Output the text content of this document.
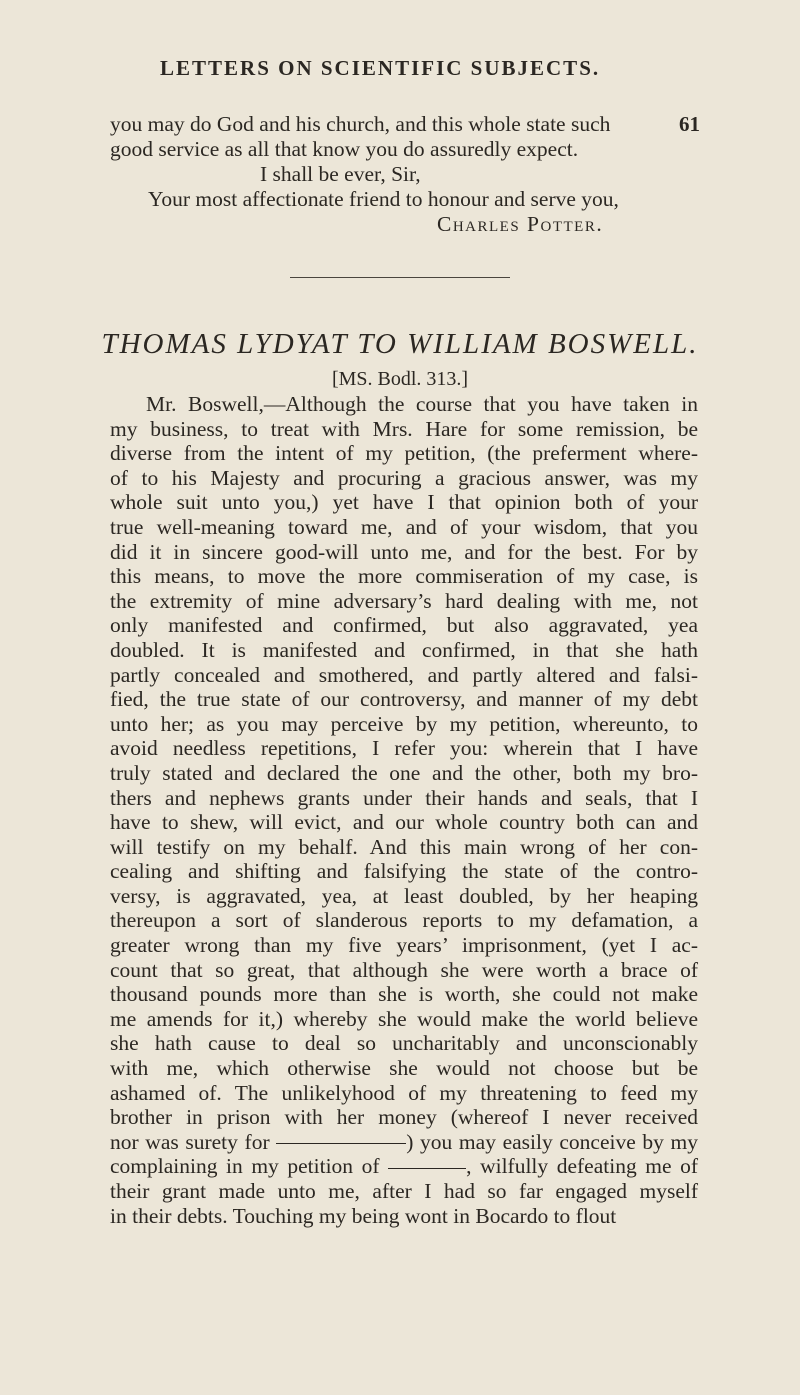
LETTERS ON SCIENTIFIC SUBJECTS.
61
you may do God and his church, and this whole state such
good service as all that know you do assuredly expect.
I shall be ever, Sir,
Your most affectionate friend to honour and serve you,
Charles Potter.
THOMAS LYDYAT TO WILLIAM BOSWELL.
[MS. Bodl. 313.]
Mr. Boswell,—Although the course that you have taken in
my business, to treat with Mrs. Hare for some remission, be
diverse from the intent of my petition, (the preferment where-
of to his Majesty and procuring a gracious answer, was my
whole suit unto you,) yet have I that opinion both of your
true well-meaning toward me, and of your wisdom, that you
did it in sincere good-will unto me, and for the best. For by
this means, to move the more commiseration of my case, is
the extremity of mine adversary’s hard dealing with me, not
only manifested and confirmed, but also aggravated, yea
doubled. It is manifested and confirmed, in that she hath
partly concealed and smothered, and partly altered and falsi-
fied, the true state of our controversy, and manner of my debt
unto her; as you may perceive by my petition, whereunto, to
avoid needless repetitions, I refer you: wherein that I have
truly stated and declared the one and the other, both my bro-
thers and nephews grants under their hands and seals, that I
have to shew, will evict, and our whole country both can and
will testify on my behalf. And this main wrong of her con-
cealing and shifting and falsifying the state of the contro-
versy, is aggravated, yea, at least doubled, by her heaping
thereupon a sort of slanderous reports to my defamation, a
greater wrong than my five years’ imprisonment, (yet I ac-
count that so great, that although she were worth a brace of
thousand pounds more than she is worth, she could not make
me amends for it,) whereby she would make the world believe
she hath cause to deal so uncharitably and unconscionably
with me, which otherwise she would not choose but be
ashamed of. The unlikelyhood of my threatening to feed my
brother in prison with her money (whereof I never received
nor was surety for	) you may easily conceive by my
complaining in my petition of	, wilfully defeating me of
their grant made unto me, after I had so far engaged myself
in their debts. Touching my being wont in Bocardo to flout
